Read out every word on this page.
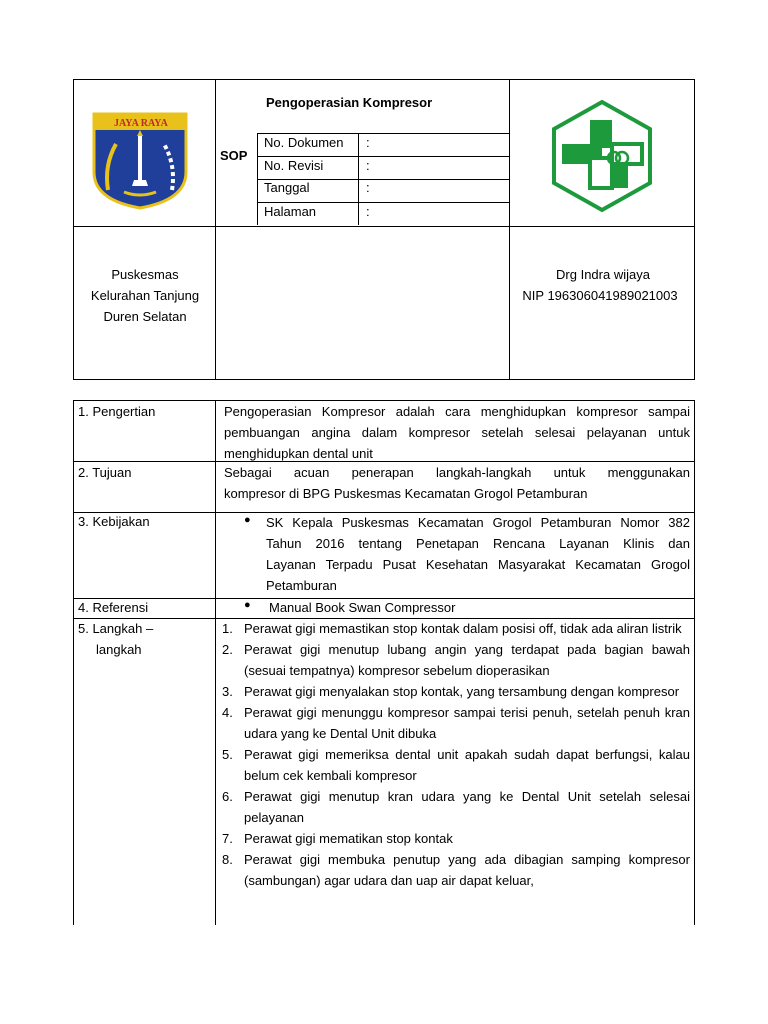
JAYA RAYA
Pengoperasian Kompresor
SOP
No. Dokumen :
No. Revisi	:
Tanggal	:
Halaman	:
Puskesmas
Kelurahan Tanjung
Duren Selatan
Drg Indra wijaya
NIP 196306041989021003
1. Pengertian	Pengoperasian Kompresor adalah cara menghidupkan kompresor sampai
pembuangan angina dalam kompresor setelah selesai pelayanan untuk
menghidupkan dental unit
2. Tujuan	Sebagai acuan penerapan langkah-langkah untuk menggunakan
kompresor di BPG Puskesmas Kecamatan Grogol Petamburan
3. Kebijakan	● SK Kepala Puskesmas Kecamatan Grogol Petamburan Nomor 382
Tahun 2016 tentang Penetapan Rencana Layanan Klinis dan
Layanan Terpadu Pusat Kesehatan Masyarakat Kecamatan Grogol
Petamburan
4. Referensi	● Manual Book Swan Compressor
5. Langkah –
langkah
1. Perawat gigi memastikan stop kontak dalam posisi off, tidak ada aliran listrik
2. Perawat gigi menutup lubang angin yang terdapat pada bagian bawah (sesuai tempatnya) kompresor sebelum dioperasikan
3. Perawat gigi menyalakan stop kontak, yang tersambung dengan kompresor
4. Perawat gigi menunggu kompresor sampai terisi penuh, setelah penuh kran udara yang ke Dental Unit dibuka
5. Perawat gigi memeriksa dental unit apakah sudah dapat berfungsi, kalau belum cek kembali kompresor
6. Perawat gigi menutup kran udara yang ke Dental Unit setelah selesai pelayanan
7. Perawat gigi mematikan stop kontak
8. Perawat gigi membuka penutup yang ada dibagian samping kompresor (sambungan) agar udara dan uap air dapat keluar,
